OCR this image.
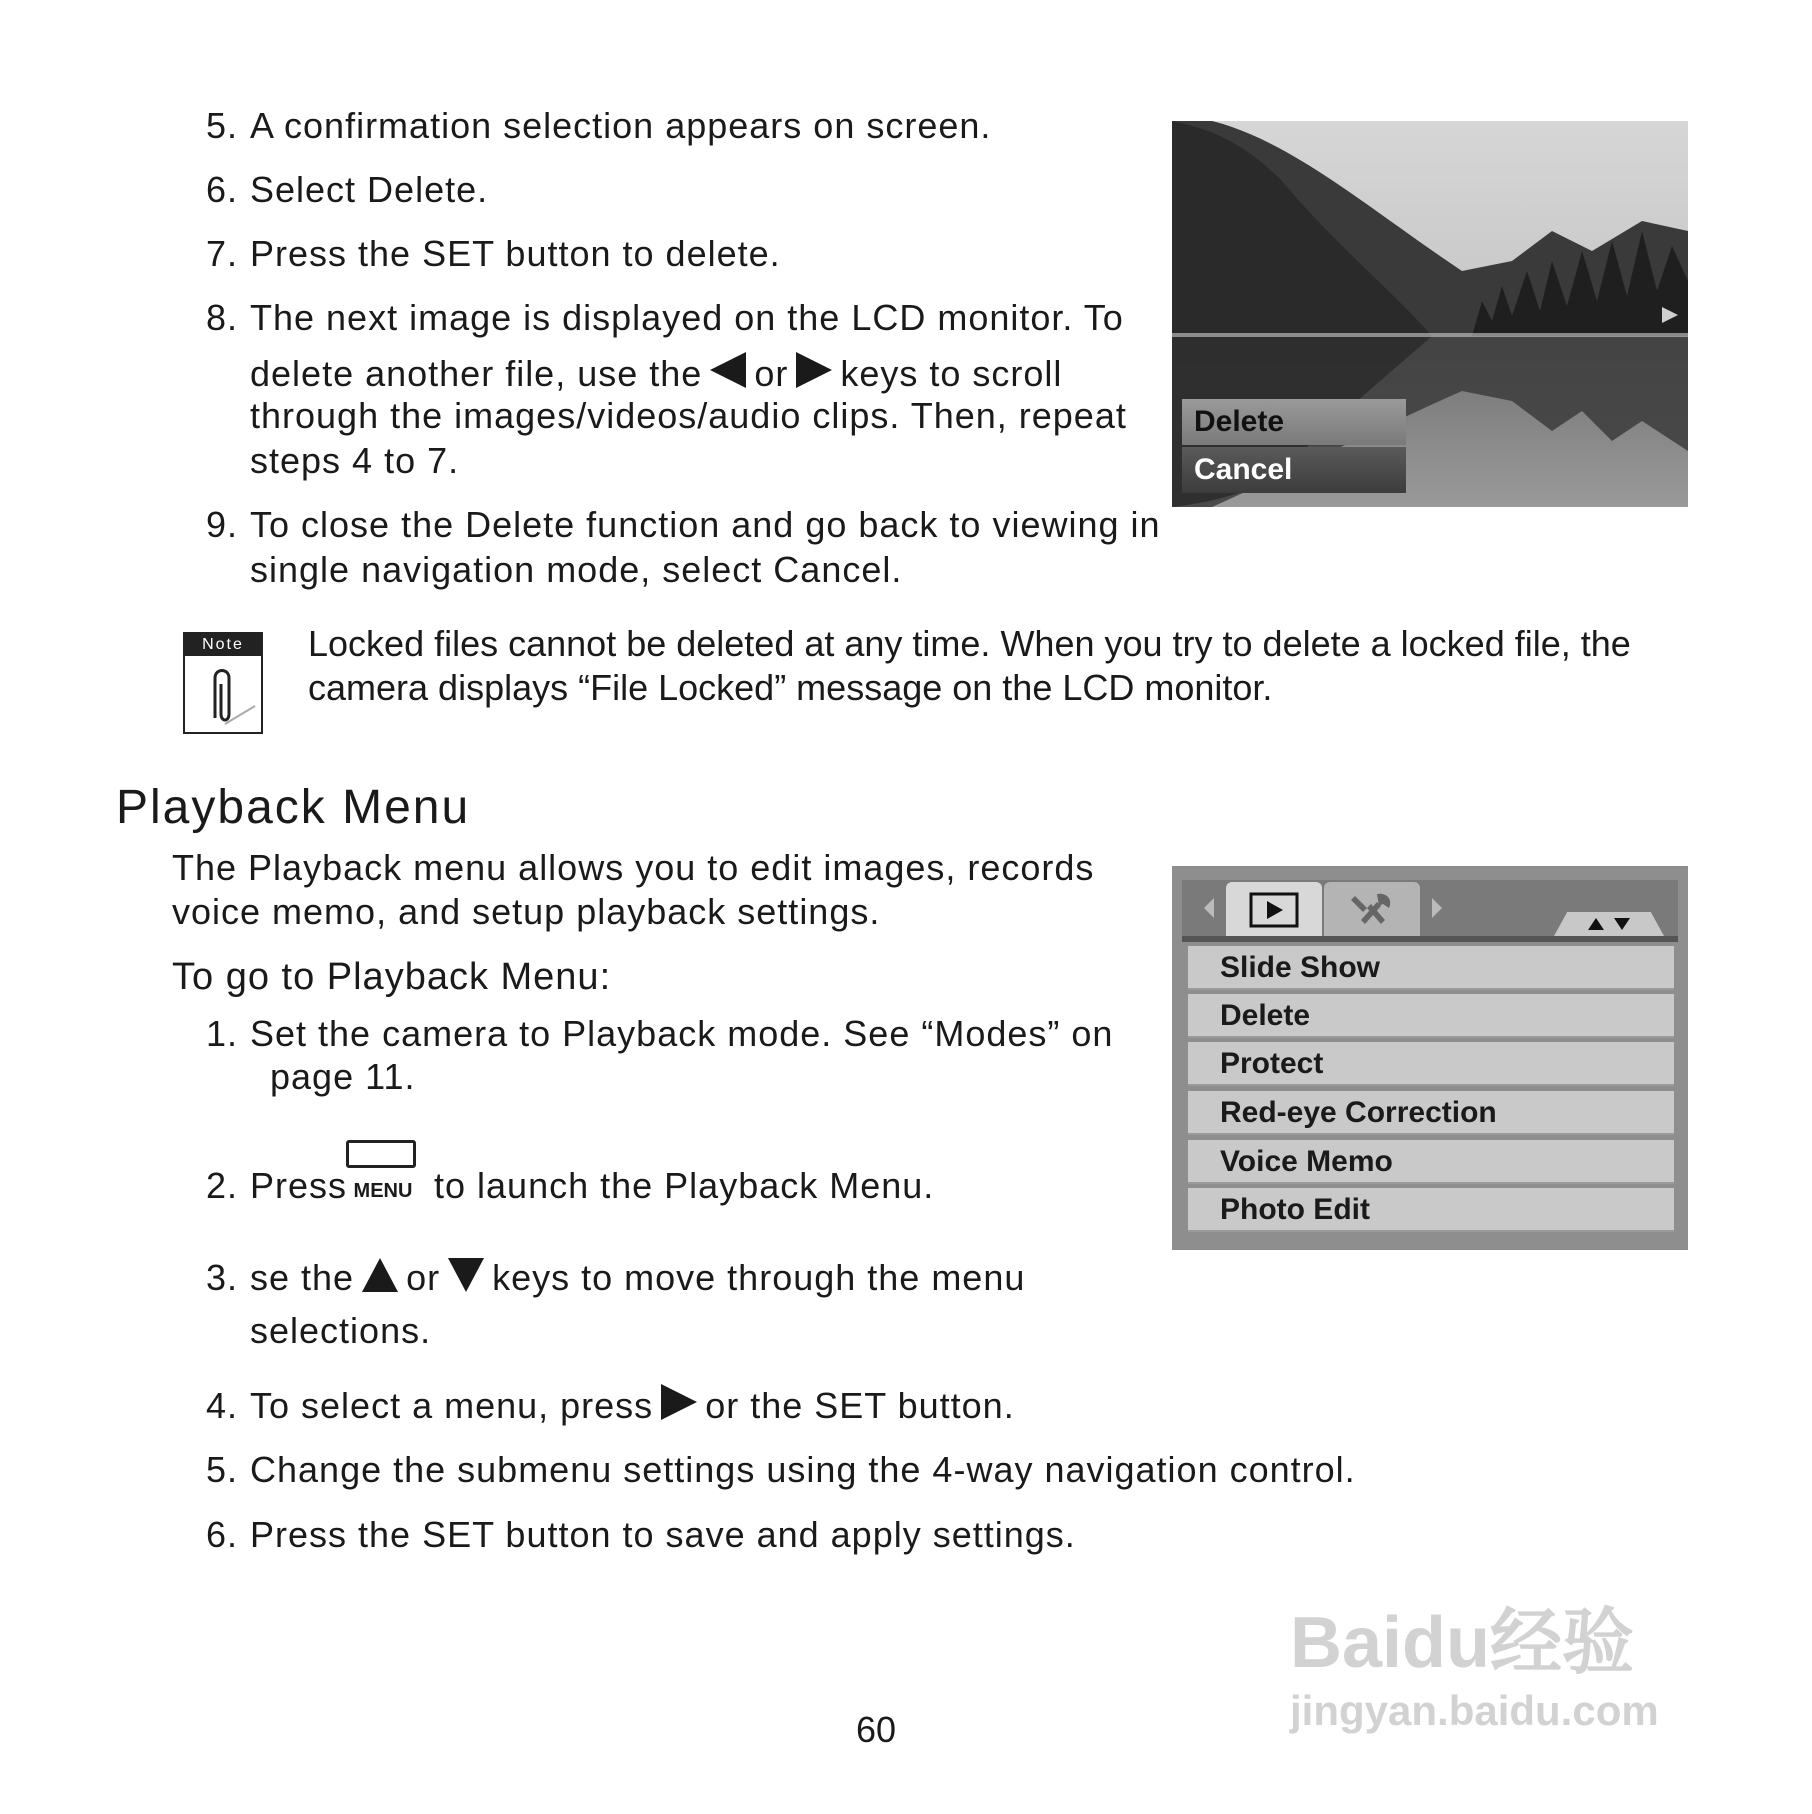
5. A confirmation selection appears on screen.
6. Select Delete.
7. Press the SET button to delete.
8. The next image is displayed on the LCD monitor. To
delete another file, use the or keys to scroll
through the images/videos/audio clips. Then, repeat
steps 4 to 7.
9. To close the Delete function and go back to viewing in
single navigation mode, select Cancel.
Delete
Cancel
Note	Locked files cannot be deleted at any time. When you try to delete a locked file, the
camera displays “File Locked” message on the LCD monitor.
Playback Menu
The Playback menu allows you to edit images, records
voice memo, and setup playback settings.
To go to Playback Menu:
1. Set the camera to Playback mode. See “Modes” on
page 11.
2. Press MENU to launch the Playback Menu.
3. se the or keys to move through the menu
selections.
4. To select a menu, press or the SET button.
5. Change the submenu settings using the 4-way navigation control.
6. Press the SET button to save and apply settings.
Slide Show
Delete
Protect
Red-eye Correction
Voice Memo
Photo Edit
60
Baidu经验
jingyan.baidu.com
